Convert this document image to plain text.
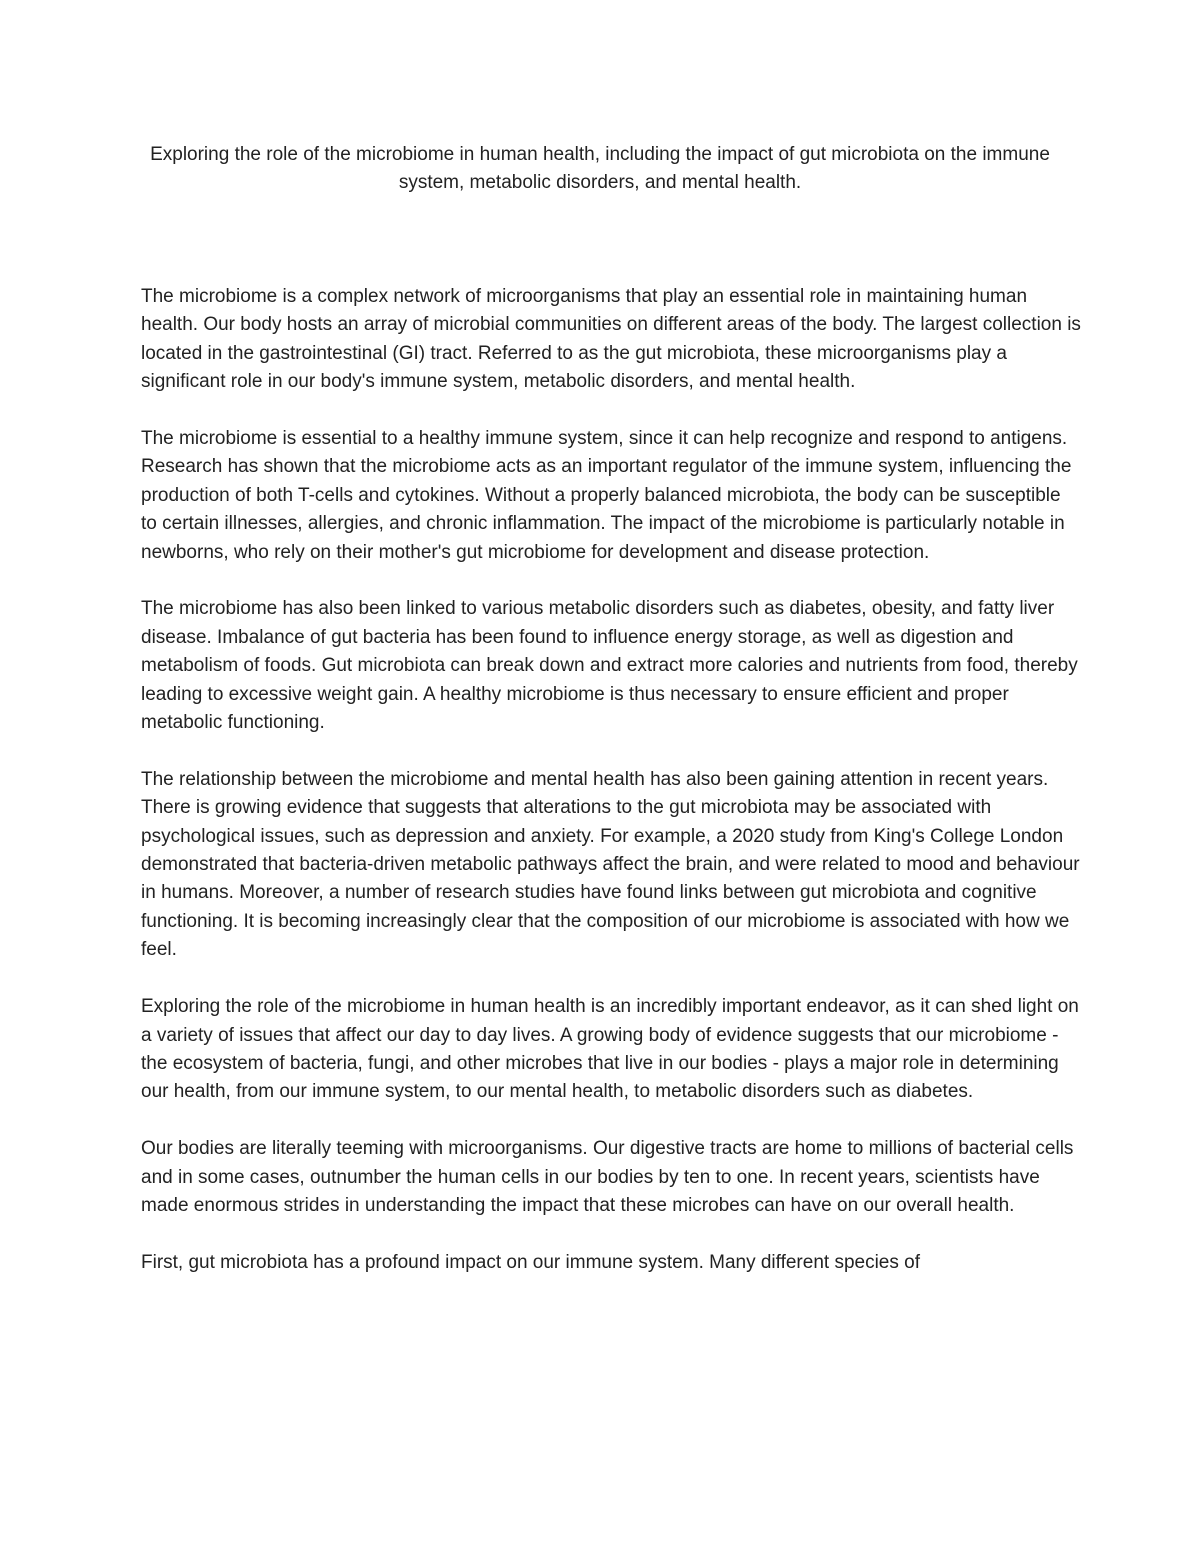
Exploring the role of the microbiome in human health, including the impact of gut microbiota on the immune system, metabolic disorders, and mental health.

The microbiome is a complex network of microorganisms that play an essential role in maintaining human health. Our body hosts an array of microbial communities on different areas of the body. The largest collection is located in the gastrointestinal (GI) tract. Referred to as the gut microbiota, these microorganisms play a significant role in our body's immune system, metabolic disorders, and mental health.

The microbiome is essential to a healthy immune system, since it can help recognize and respond to antigens. Research has shown that the microbiome acts as an important regulator of the immune system, influencing the production of both T-cells and cytokines. Without a properly balanced microbiota, the body can be susceptible to certain illnesses, allergies, and chronic inflammation. The impact of the microbiome is particularly notable in newborns, who rely on their mother's gut microbiome for development and disease protection.

The microbiome has also been linked to various metabolic disorders such as diabetes, obesity, and fatty liver disease. Imbalance of gut bacteria has been found to influence energy storage, as well as digestion and metabolism of foods. Gut microbiota can break down and extract more calories and nutrients from food, thereby leading to excessive weight gain. A healthy microbiome is thus necessary to ensure efficient and proper metabolic functioning.

The relationship between the microbiome and mental health has also been gaining attention in recent years. There is growing evidence that suggests that alterations to the gut microbiota may be associated with psychological issues, such as depression and anxiety. For example, a 2020 study from King's College London demonstrated that bacteria-driven metabolic pathways affect the brain, and were related to mood and behaviour in humans. Moreover, a number of research studies have found links between gut microbiota and cognitive functioning. It is becoming increasingly clear that the composition of our microbiome is associated with how we feel.

Exploring the role of the microbiome in human health is an incredibly important endeavor, as it can shed light on a variety of issues that affect our day to day lives. A growing body of evidence suggests that our microbiome - the ecosystem of bacteria, fungi, and other microbes that live in our bodies - plays a major role in determining our health, from our immune system, to our mental health, to metabolic disorders such as diabetes.

Our bodies are literally teeming with microorganisms. Our digestive tracts are home to millions of bacterial cells and in some cases, outnumber the human cells in our bodies by ten to one. In recent years, scientists have made enormous strides in understanding the impact that these microbes can have on our overall health.

First, gut microbiota has a profound impact on our immune system. Many different species of
